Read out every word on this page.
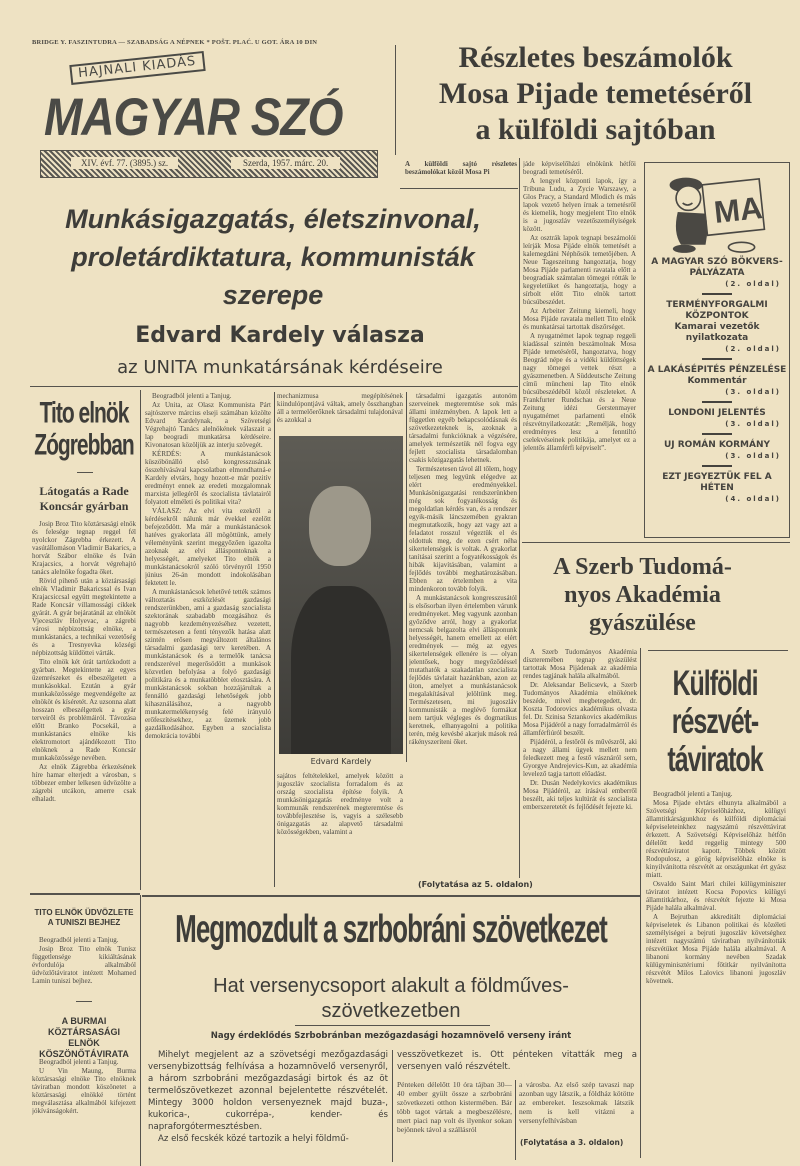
BRIDGE Y. FASZINTUDRA — SZABADSÁG A NÉPNEK * POŠT. PLAĆ. U GOT. ÁRA 10 DIN
HAJNALI KIADÁS
MAGYAR SZÓ
XIV. évf. 77. (3895.) sz.	Szerda, 1957. márc. 20.
Részletes beszámolók
Mosa Pijade temetéséről
a külföldi sajtóban
A külföldi sajtó részletes beszámolókat közöl Mosa Pi

jáde képviselőházi elnökünk hétfői beogradi temetéséről.

A lengyel központi lapok, így a Tribuna Ludu, a Zycie Warszawy, a Glos Pracy, a Standard Mlodich és más lapok vezető helyen írnak a temetésről és kiemelik, hogy megjelent Tito elnök is a jugoszláv vezetőszemélyiségek között.

Az osztrák lapok tegnapi beszámolói leírják Mosa Pijáde elnök temetését a kalemegdáni Néphősök temetőjében. A Neue Tageszeitung hangoztatja, hogy Mosa Pijáde parlamenti ravatala előtt a beogradiak számtalan tömegei rótták le kegyeletüket és hangoztatja, hogy a sírbolt előtt Tito elnök tartott búcsúbeszédet.

Az Arbeiter Zeitung kiemeli, hogy Mosa Pijáde ravatala mellett Tito elnök és munkatársai tartottak díszőrséget.

A nyugatnémet lapok tegnap reggeli kiadással szintén beszámolnak Mosa Pijáde temetéséről, hangoztatva, hogy Beográd népe és a vidéki küldöttségek nagy tömegei vettek részt a gyászmenetben. A Süddeutsche Zeitung című müncheni lap Tito elnök búcsúbeszédéből közöl részleteket. A Frankfurter Rundschau és a Neue Zeitung idézi Gerstenmayer nyugatnémet parlamenti elnök részvétnyilatkozatát: „Remélják, hogy eredményes lesz a fenntiltó cselekvéseinek politikája, amelyet ez a jelentős államférfi képviselt”.

MA
A MAGYAR SZÓ BÖKVERS-PÁLYÁZATA
(2. oldal)
TERMÉNYFORGALMI KÖZPONTOK
Kamarai vezetők nyilatkozata
(2. oldal)
A LAKÁSÉPITÉS PÉNZELÉSE
Kommentár
(3. oldal)
LONDONI JELENTÉS
(3. oldal)
UJ ROMÁN KORMÁNY
(3. oldal)
EZT JEGYEZTÜK FEL A HÉTEN
(4. oldal)
Munkásigazgatás, életszinvonal,
proletárdiktatura, kommunisták
szerepe
Edvard Kardely válasza
az UNITA munkatársának kérdéseire
Tito elnök
Zógrebban
Látogatás a Rade
Koncsár gyárban

Josip Broz Tito köztársasági elnök és felesége tegnap reggel fél nyolckor Zágrebba érkezett. A vasútállomáson Vladimir Bakarics, a horvát Szábor elnöke és Iván Krajacsics, a horvát végrehajtó tanács alelnöke fogadta őket.

Rövid pihenő után a köztársasági elnök Vladimir Bakaricssal és Ivan Krajacsiccsal együtt megtekintette a Rade Koncsár villamossági cikkek gyárát. A gyár bejáratánál az elnököt Vjeceszláv Holyevac, a zágrebi városi népbizottság elnöke, a munkástanács, a technikai vezetőség és a Tresnyevka községi népbizottság küldöttei várták.

Tito elnök két órát tartózkodott a gyárban. Megtekintette az egyes üzemrészeket és elbeszélgetett a munkásokkal. Ezután a gyár munkaközössége megvendégelte az elnököt és kíséretét. Az uzsonna alatt hosszan elbeszélgettek a gyár terveiről és problémáiról. Távozása előtt Branko Pocsekál, a munkástanács elnöke kis elektromotort ajándékozott Tito elnöknek a Rade Koncsár munkaközössége nevében.

Az elnök Zágrebba érkezésének híre hamar elterjedt a városban, s többezer ember lelkesen üdvözölte a zágrebi utcákon, amerre csak elhaladt.

TITO ELNÖK ÜDVÖZLETE A TUNISZI BEJHEZ

Beogradból jelenti a Tanjug.

Josip Broz Tito elnök Tunisz függetlensége kikiáltásának évfordulója alkalmából üdvözlőtáviratot intézett Mohamed Lamin tuniszi bejhez.

A BURMAI KÖZTÁRSASÁGI ELNÖK KÖSZÖNŐTÁVIRATA

Beogradból jelenti a Tanjug.

U Vin Maung, Burma köztársasági elnöke Tito elnöknek táviratban mondott köszönetet a köztársasági elnökké történt megválasztása alkalmából kifejezett jókívánságokért.

Beogradból jelenti a Tanjug.

Az Unita, az Olasz Kommunista Párt sajtószerve március elseji számában közölte Edvard Kardelynak, a Szövetségi Végrehajtó Tanács alelnökének válaszait a lap beogradi munkatársa kérdéseire. Kivonatosan közöljük az interju szövegét.

KÉRDÉS: A munkástanácsok küszöbönálló első kongresszusának összehívásával kapcsolatban elmondhatná-e Kardely elvtárs, hogy hozott-e már pozitív eredményt ennek az eredeti mozgalomnak marxista jellegéről és szocialista távlatairól folyatott elméleti és politikai vita?

VÁLASZ: Az elvi vita ezekről a kérdésekről nálunk már évekkel ezelőtt befejeződött. Ma már a munkástanácsok hatéves gyakorlata áll mögöttünk, amely véleményünk szerint meggyőzően igazolta azoknak az elvi álláspontoknak a helyességét, amelyeket Tito elnök a munkástanácsokról szóló törvényről 1950 június 26-án mondott indokolásában fektetett le.

A munkástanácsok lehetővé tették számos változtatás eszközlését gazdasági rendszerünkben, ami a gazdaság szocialista szektorának szabadabb mozgásához és nagyobb kezdeményezéséhez vezetett, természetesen a fenti tényezők hatása alatt szintén erősen megváltozott általános társadalmi gazdasági terv keretében. A munkástanácsok és a termelők tanácsa rendszerével megerősödött a munkások közvetlen befolyása a folyó gazdasági politikára és a munkatöbblet elosztására. A munkástanácsok sokban hozzájárultak a fennálló gazdasági lehetőségek jobb kihasználásához, a nagyobb munkatermelékenység felé irányuló erőfeszítésekhez, az üzemek jobb gazdálkodásához. Egyben a szocialista demokrácia további

mechanizmusa megépítésének kiindulópontjává váltak, amely összhangban áll a termelőerőknek társadalmi tulajdonával és azokkal a
Edvard Kardely
sajátos feltételekkel, amelyek között a jugoszláv szocialista forradalom és az ország szocialista építése folyik. A munkásönigazgatás eredménye volt a kommunák rendszerének megteremtése és továbbfejlesztése is, vagyis a szélesebb önigazgatás az alapvető társadalmi közösségekben, valamint a

társadalmi igazgatás autonóm szerveinek megteremtése sok más állami intézményben. A lapok lett a független egyéb bekapcsolódásnak és szövetkezeteknek is, azoknak a társadalmi funkcióknak a végzésére, amelyek természetük nél fogva egy fejlett szocialista társadalomban csakis közigazgatás lehetnek.

Természetesen távol áll tőlem, hogy teljesen meg legyünk elégedve az elért eredményekkel. Munkásönigazgatási rendszerünkben még sok fogyatékosság és megoldatlan kérdés van, és a rendszer egyik-másik láncszemében gyakran megmutatkozik, hogy azt vagy azt a feladatot rosszul végeztük el és oldottuk meg, de ezen csért néha sikertelenségek is voltak. A gyakorlat tanításai szerint a fogyatékosságok és hibák kijavításában, valamint a fejlődés további meghatározásában. Ebben az értelemben a vita mindenkoron tovább folyik.

A munkástanácsok kongresszusától is elsősorban ilyen értelemben várunk eredményeket. Meg vagyunk azonban győződve arról, hogy a gyakorlat nemcsak belgazolta elvi állásponunk helyességét, hanem emellett az elért eredmények — még az egyes sikertelenségek ellenére is — olyan jelentősek, hogy megyőződéssel mutathatók a szakadatlan szocialista fejlődés távlatait hazánkban, azon az úton, amelyet a munkástanácsok megalakításával jelöltünk meg. Természetesen, mi jugoszláv kommunisták a meglévő formákat nem tartjuk végleges és dogmatikus keretnek, elhanyagolni a politika terén, még kevésbé akarjuk mások reá rákényszeríteni őket.

(Folytatása az 5. oldalon)
A Szerb Tudomá-
nyos Akadémia
gyászülése

A Szerb Tudományos Akadémia díszteremében tegnap gyászülést tartottak Mosa Pijádenak az akadémia rendes tagjának halála alkalmából.

Dr. Aleksandar Belicsevk, a Szerb Tudományos Akadémia elnökének beszéde, mivel megbetegedett, dr. Koszta Todorovics akadémikus olvasta fel. Dr. Szinisa Sztankovics akadémikus Mosa Pijádéról a nagy forradalmárról és államférfiúról beszélt.

Pijádéról, a festőről és művészről, aki a nagy állami ügyek mellett nem feledkezett meg a festő vásznáról sem, Gyorgye Andrejevics-Kun, az akadémia levelező tagja tartott előadást.

Dr. Dusán Nedelykovics akadémikus Mosa Pijádéról, az írásával emberről beszélt, aki teljes kultúrát és szocialista emberszeretetét és fejlődését fejezte ki.

Külföldi
részvét-
táviratok

Beogradból jelenti a Tanjug.

Mosa Pijade elvtárs elhunyta alkalmából a Szövetségi Képviselőházhoz, külügyi államtitkárságunkhoz és külföldi diplomáciai képviseleteinkhez nagyszámú részvéttávirat érkezett. A Szövetségi Képviselőház hétfőn délelőtt kedd reggelig mintegy 500 részvéttáviratot kapott. Többek között Rodopulosz, a görög képviselőház elnöke is kinyilvánította részvétét az országunkat ért gyász miatt.

Osvaldo Saint Mari chilei külügyminiszter táviratot intézett Kocsa Popovics külügyi államtitkárhoz, és részvétét fejezte ki Mosa Pijáde halála alkalmával.

A Bejrutban akkreditált diplomáciai képviseletek és Libanon politikai és közéleti személyiségei a bejruti jugoszláv követséghez intézett nagyszámú táviratban nyilvánították részvétüket Mosa Pijáde halála alkalmával. A libanoni kormány nevében Szadak külügyminisztériumi főtitkár nyilvánította részvétét Milos Lalovics libanoni jugoszláv követnek.

Megmozdult a szrbobráni szövetkezet
Hat versenycsoport alakult a földműves-
szövetkezetben
Nagy érdeklődés Szrbobránban mezőgazdasági hozamnövelő verseny iránt

Mihelyt megjelent az a szövetségi mezőgazdasági versenybizottság felhívása a hozamnövelő versenyről, a három szrbobráni mezőgazdasági birtok és az öt termelőszövetkezet azonnal bejelentette részvételét. Mintegy 3000 holdon versenyeznek majd buza-, kukorica-, cukorrépa-, kender- és napraforgótermesztésben.

Az első fecskék közé tartozik a helyi földmű-

vesszövetkezet is. Ott pénteken vitatták meg a versenyen való részvételt.
Pénteken délelőtt 10 óra tájban 30—40 ember gyült össze a szrbobráni szövetkezeti otthon kistermében. Bár több tagot vártak a megbeszélésre, mert piaci nap volt és ilyenkor sokan bejönnek távol a szállásról
a városba. Az első szép tavaszi nap azonban ugy látszik, a földház kötötte az embereket. Ieszsokmak látszik nem is kell vitázni a versenyfelhívásban
(Folytatása a 3. oldalon)
